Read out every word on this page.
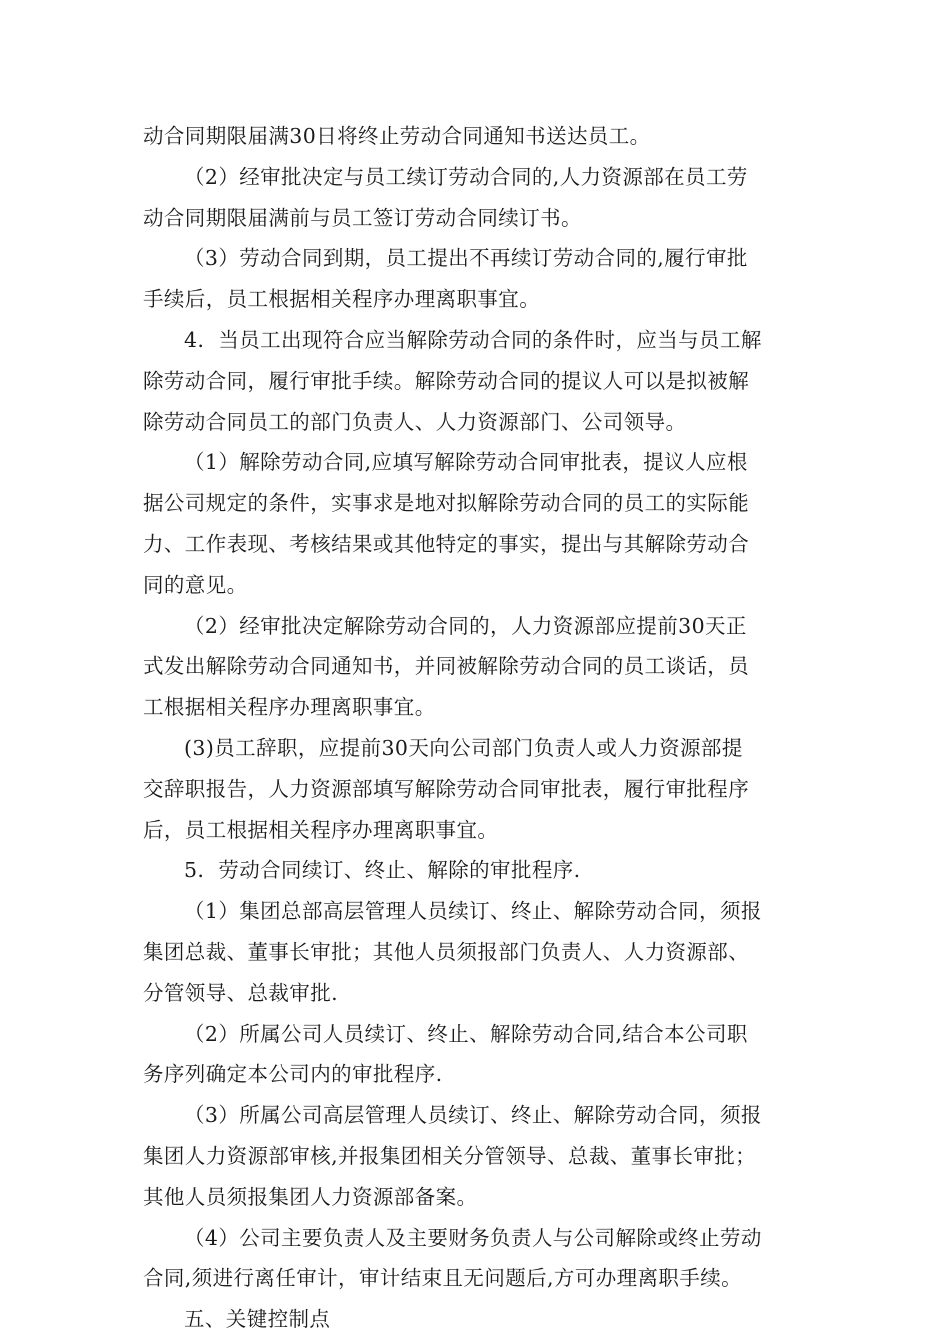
动合同期限届满30日将终止劳动合同通知书送达员工。
（2）经审批决定与员工续订劳动合同的,人力资源部在员工劳
动合同期限届满前与员工签订劳动合同续订书。
（3）劳动合同到期，员工提出不再续订劳动合同的,履行审批
手续后，员工根据相关程序办理离职事宜。
4．当员工出现符合应当解除劳动合同的条件时，应当与员工解
除劳动合同，履行审批手续。解除劳动合同的提议人可以是拟被解
除劳动合同员工的部门负责人、人力资源部门、公司领导。
（1）解除劳动合同,应填写解除劳动合同审批表，提议人应根
据公司规定的条件，实事求是地对拟解除劳动合同的员工的实际能
力、工作表现、考核结果或其他特定的事实，提出与其解除劳动合
同的意见。
（2）经审批决定解除劳动合同的，人力资源部应提前30天正
式发出解除劳动合同通知书，并同被解除劳动合同的员工谈话，员
工根据相关程序办理离职事宜。
(3)员工辞职，应提前30天向公司部门负责人或人力资源部提
交辞职报告，人力资源部填写解除劳动合同审批表，履行审批程序
后，员工根据相关程序办理离职事宜。
5．劳动合同续订、终止、解除的审批程序.
（1）集团总部高层管理人员续订、终止、解除劳动合同，须报
集团总裁、董事长审批；其他人员须报部门负责人、人力资源部、
分管领导、总裁审批.
（2）所属公司人员续订、终止、解除劳动合同,结合本公司职
务序列确定本公司内的审批程序.
（3）所属公司高层管理人员续订、终止、解除劳动合同，须报
集团人力资源部审核,并报集团相关分管领导、总裁、董事长审批；
其他人员须报集团人力资源部备案。
（4）公司主要负责人及主要财务负责人与公司解除或终止劳动
合同,须进行离任审计，审计结束且无问题后,方可办理离职手续。
五、关键控制点
